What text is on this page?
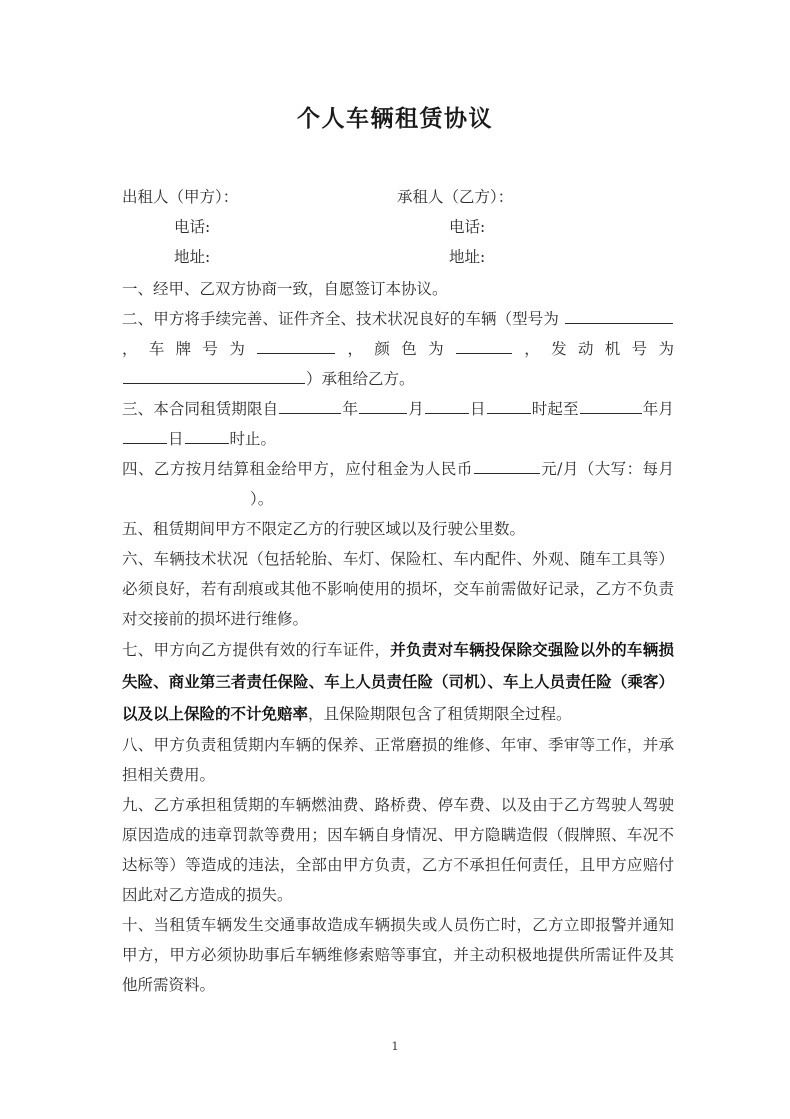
个人车辆租赁协议
出租人（甲方）：
电话:
地址:
承租人（乙方）：
电话:
地址:

一、经甲、乙双方协商一致，自愿签订本协议。

二、甲方将手续完善、证件齐全、技术状况良好的车辆（型号为，车牌号为	，颜色为	，发动机号为）承租给乙方。

三、本合同租赁期限自	年	月	日	时起至	年月日	时止。

四、乙方按月结算租金给甲方，应付租金为人民币	元/月（大写：每月）。

五、租赁期间甲方不限定乙方的行驶区域以及行驶公里数。

六、车辆技术状况（包括轮胎、车灯、保险杠、车内配件、外观、随车工具等）必须良好，若有刮痕或其他不影响使用的损坏，交车前需做好记录，乙方不负责对交接前的损坏进行维修。

七、甲方向乙方提供有效的行车证件，并负责对车辆投保除交强险以外的车辆损失险、商业第三者责任保险、车上人员责任险（司机）、车上人员责任险（乘客）以及以上保险的不计免赔率，且保险期限包含了租赁期限全过程。

八、甲方负责租赁期内车辆的保养、正常磨损的维修、年审、季审等工作，并承担相关费用。

九、乙方承担租赁期的车辆燃油费、路桥费、停车费、以及由于乙方驾驶人驾驶原因造成的违章罚款等费用；因车辆自身情况、甲方隐瞒造假（假牌照、车况不达标等）等造成的违法，全部由甲方负责，乙方不承担任何责任，且甲方应赔付因此对乙方造成的损失。

十、当租赁车辆发生交通事故造成车辆损失或人员伤亡时，乙方立即报警并通知甲方，甲方必须协助事后车辆维修索赔等事宜，并主动积极地提供所需证件及其他所需资料。

1
